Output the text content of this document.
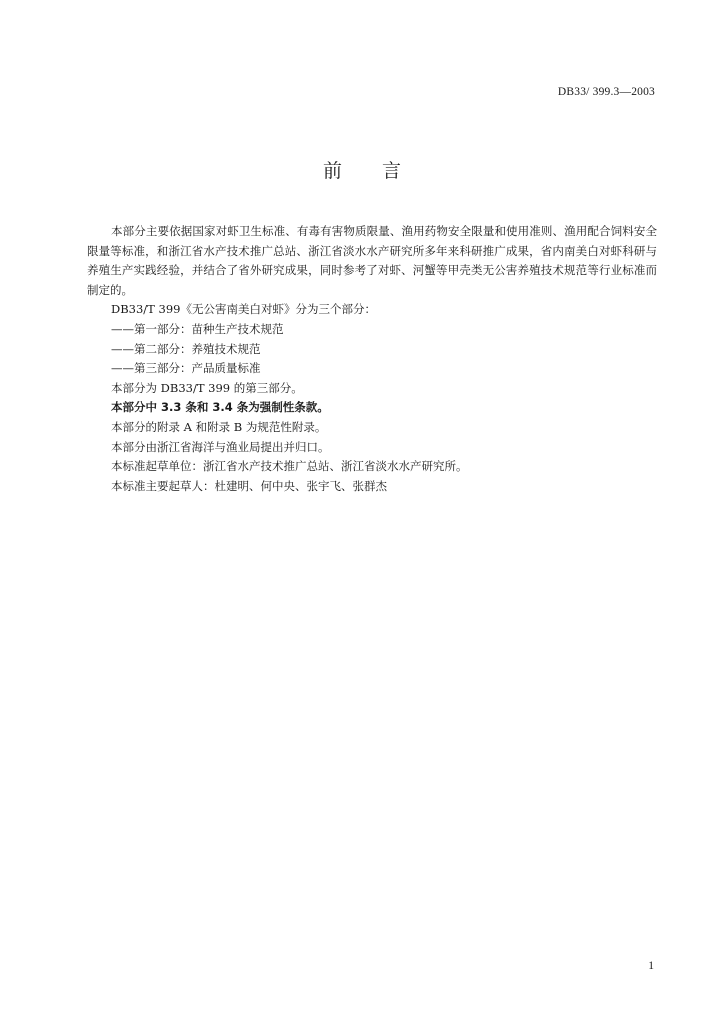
DB33/ 399.3—2003
前 言

本部分主要依据国家对虾卫生标准、有毒有害物质限量、渔用药物安全限量和使用准则、渔用配合饲料安全限量等标准，和浙江省水产技术推广总站、浙江省淡水水产研究所多年来科研推广成果，省内南美白对虾科研与养殖生产实践经验，并结合了省外研究成果，同时参考了对虾、河蟹等甲壳类无公害养殖技术规范等行业标准而制定的。

DB33/T 399《无公害南美白对虾》分为三个部分：

——第一部分：苗种生产技术规范

——第二部分：养殖技术规范

——第三部分：产品质量标准

本部分为 DB33/T 399 的第三部分。

本部分中 3.3 条和 3.4 条为强制性条款。

本部分的附录 A 和附录 B 为规范性附录。

本部分由浙江省海洋与渔业局提出并归口。

本标准起草单位：浙江省水产技术推广总站、浙江省淡水水产研究所。

本标准主要起草人：杜建明、何中央、张宇飞、张群杰

1
